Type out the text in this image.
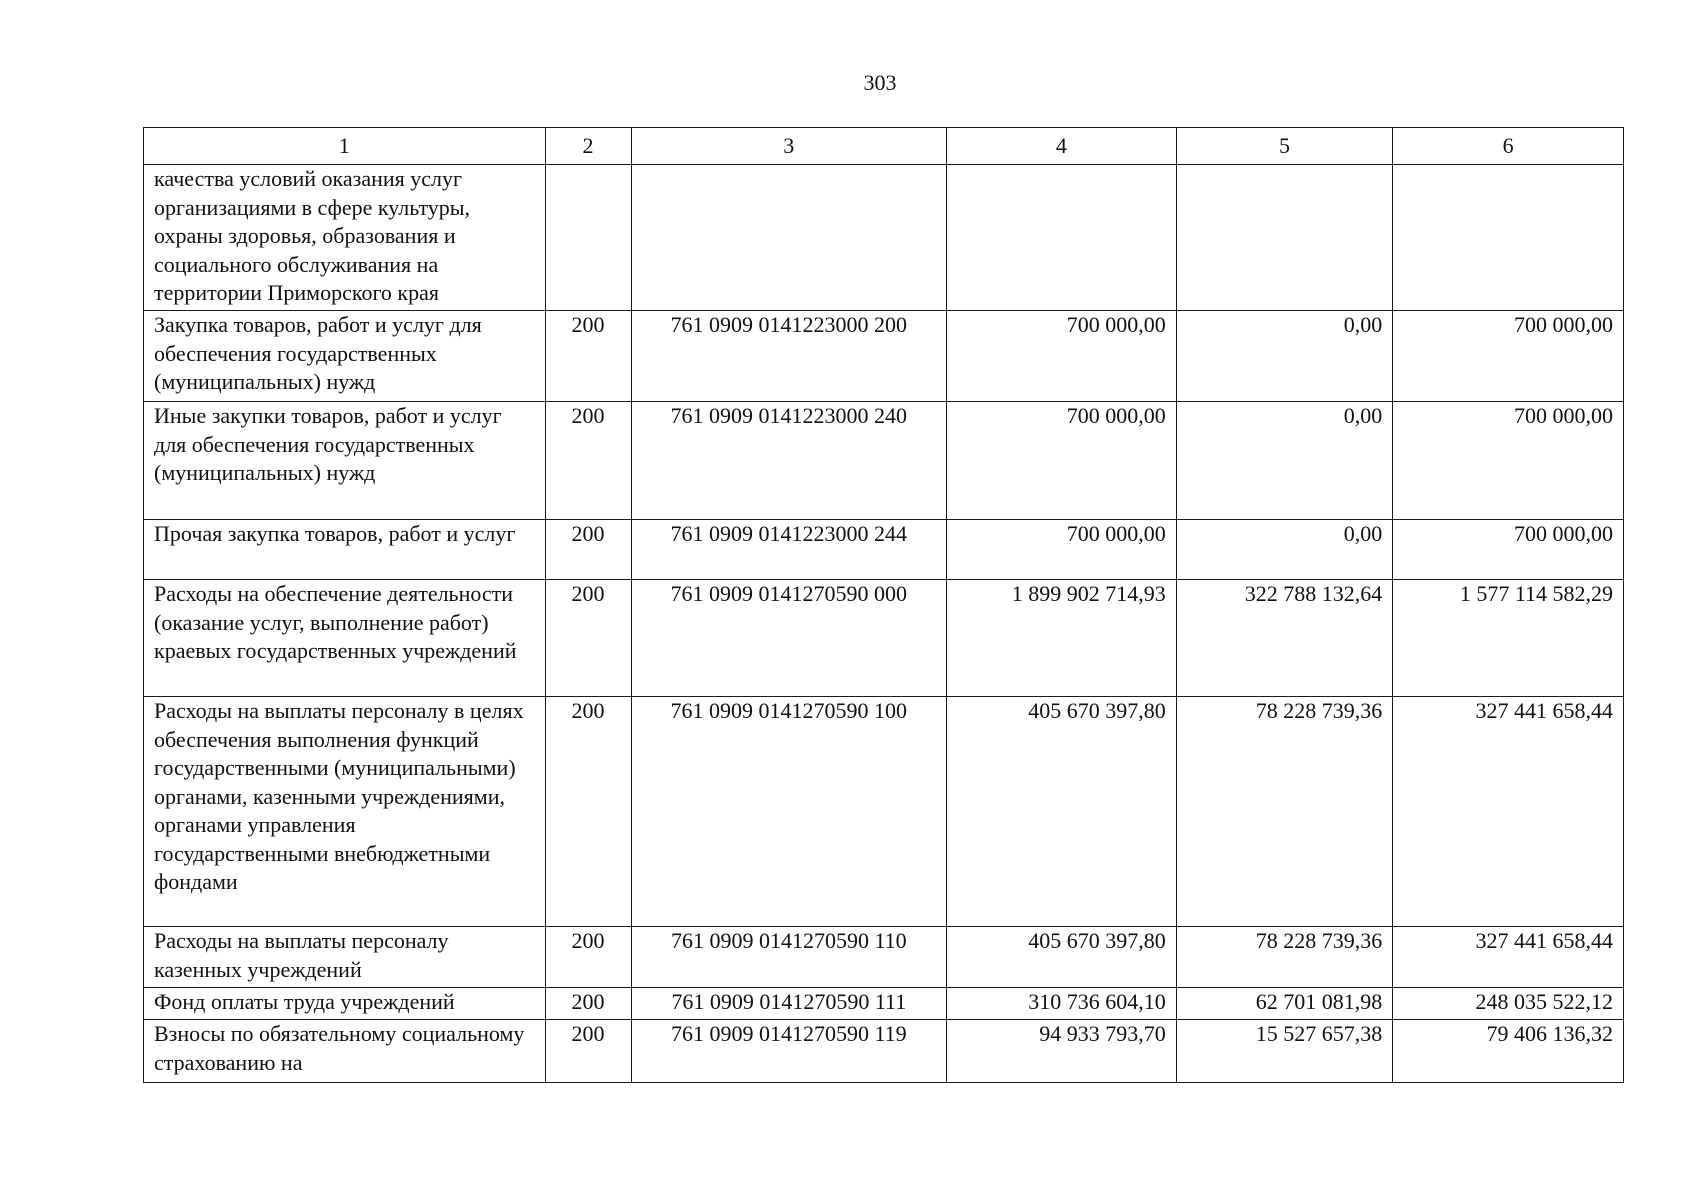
303
1	2	3	4	5	6
качества условий оказания услуг организациями в сфере культуры, охраны здоровья, образования и социального обслуживания на территории Приморского края					
Закупка товаров, работ и услуг для обеспечения государственных (муниципальных) нужд	200	761 0909 0141223000 200	700 000,00	0,00	700 000,00
Иные закупки товаров, работ и услуг для обеспечения государственных (муниципальных) нужд	200	761 0909 0141223000 240	700 000,00	0,00	700 000,00
Прочая закупка товаров, работ и услуг	200	761 0909 0141223000 244	700 000,00	0,00	700 000,00
Расходы на обеспечение деятельности (оказание услуг, выполнение работ) краевых государственных учреждений	200	761 0909 0141270590 000	1 899 902 714,93	322 788 132,64	1 577 114 582,29
Расходы на выплаты персоналу в целях обеспечения выполнения функций государственными (муниципальными) органами, казенными учреждениями, органами управления государственными внебюджетными фондами	200	761 0909 0141270590 100	405 670 397,80	78 228 739,36	327 441 658,44
Расходы на выплаты персоналу казенных учреждений	200	761 0909 0141270590 110	405 670 397,80	78 228 739,36	327 441 658,44
Фонд оплаты труда учреждений	200	761 0909 0141270590 111	310 736 604,10	62 701 081,98	248 035 522,12
Взносы по обязательному социальному страхованию на	200	761 0909 0141270590 119	94 933 793,70	15 527 657,38	79 406 136,32
